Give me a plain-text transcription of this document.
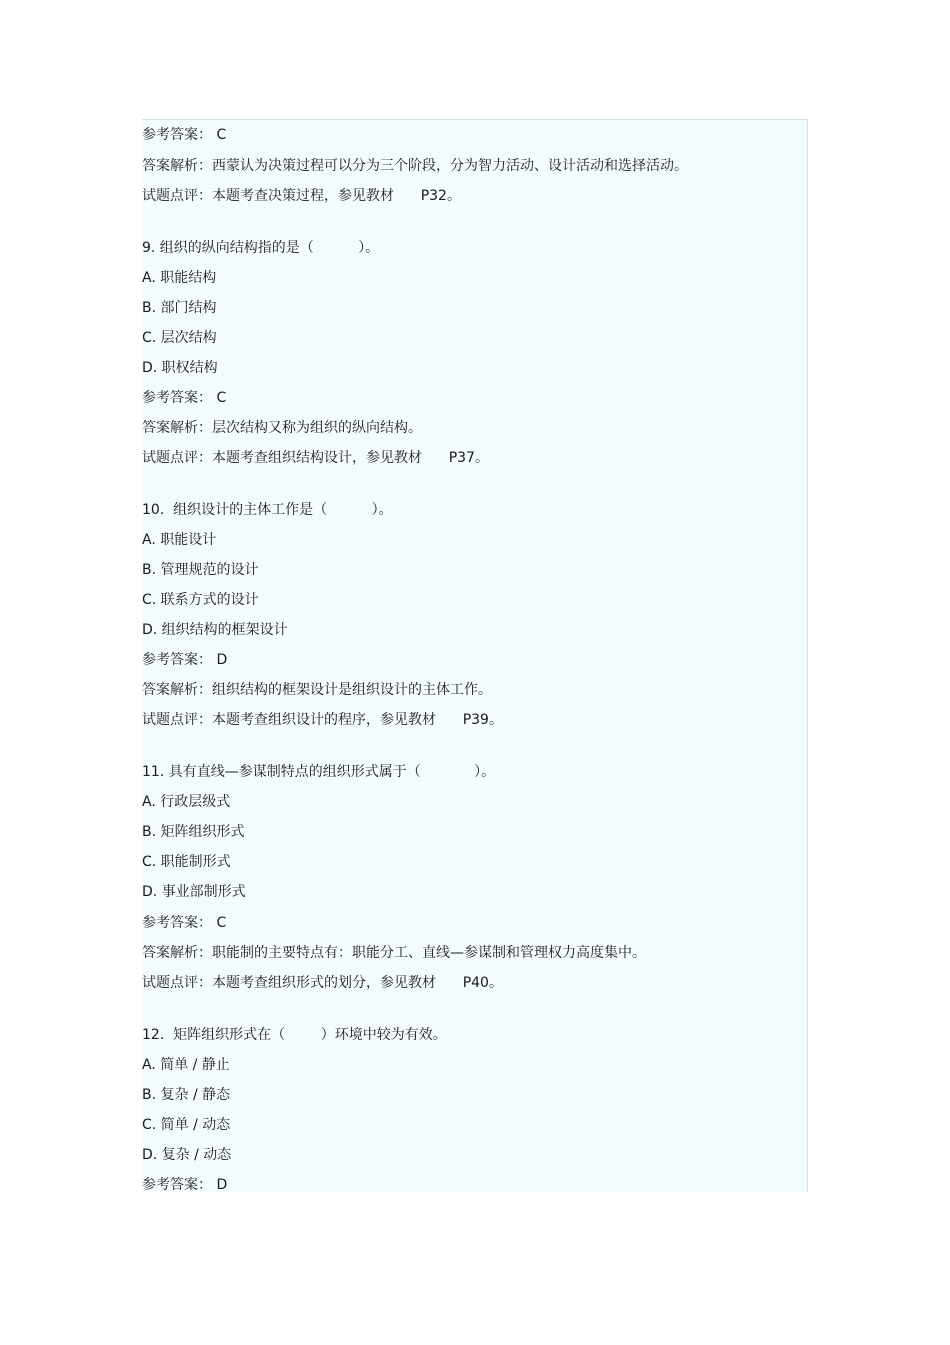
参考答案： C
答案解析：西蒙认为决策过程可以分为三个阶段，分为智力活动、设计活动和选择活动。
试题点评：本题考查决策过程，参见教材      P32。
9. 组织的纵向结构指的是（          ）。
A. 职能结构
B. 部门结构
C. 层次结构
D. 职权结构
参考答案： C
答案解析：层次结构又称为组织的纵向结构。
试题点评：本题考查组织结构设计，参见教材      P37。
10.  组织设计的主体工作是（          ）。
A. 职能设计
B. 管理规范的设计
C. 联系方式的设计
D. 组织结构的框架设计
参考答案： D
答案解析：组织结构的框架设计是组织设计的主体工作。
试题点评：本题考查组织设计的程序，参见教材      P39。
11. 具有直线—参谋制特点的组织形式属于（            ）。
A. 行政层级式
B. 矩阵组织形式
C. 职能制形式
D. 事业部制形式
参考答案： C
答案解析：职能制的主要特点有：职能分工、直线—参谋制和管理权力高度集中。
试题点评：本题考查组织形式的划分，参见教材      P40。
12.  矩阵组织形式在（        ）环境中较为有效。
A. 简单 / 静止
B. 复杂 / 静态
C. 简单 / 动态
D. 复杂 / 动态
参考答案： D
